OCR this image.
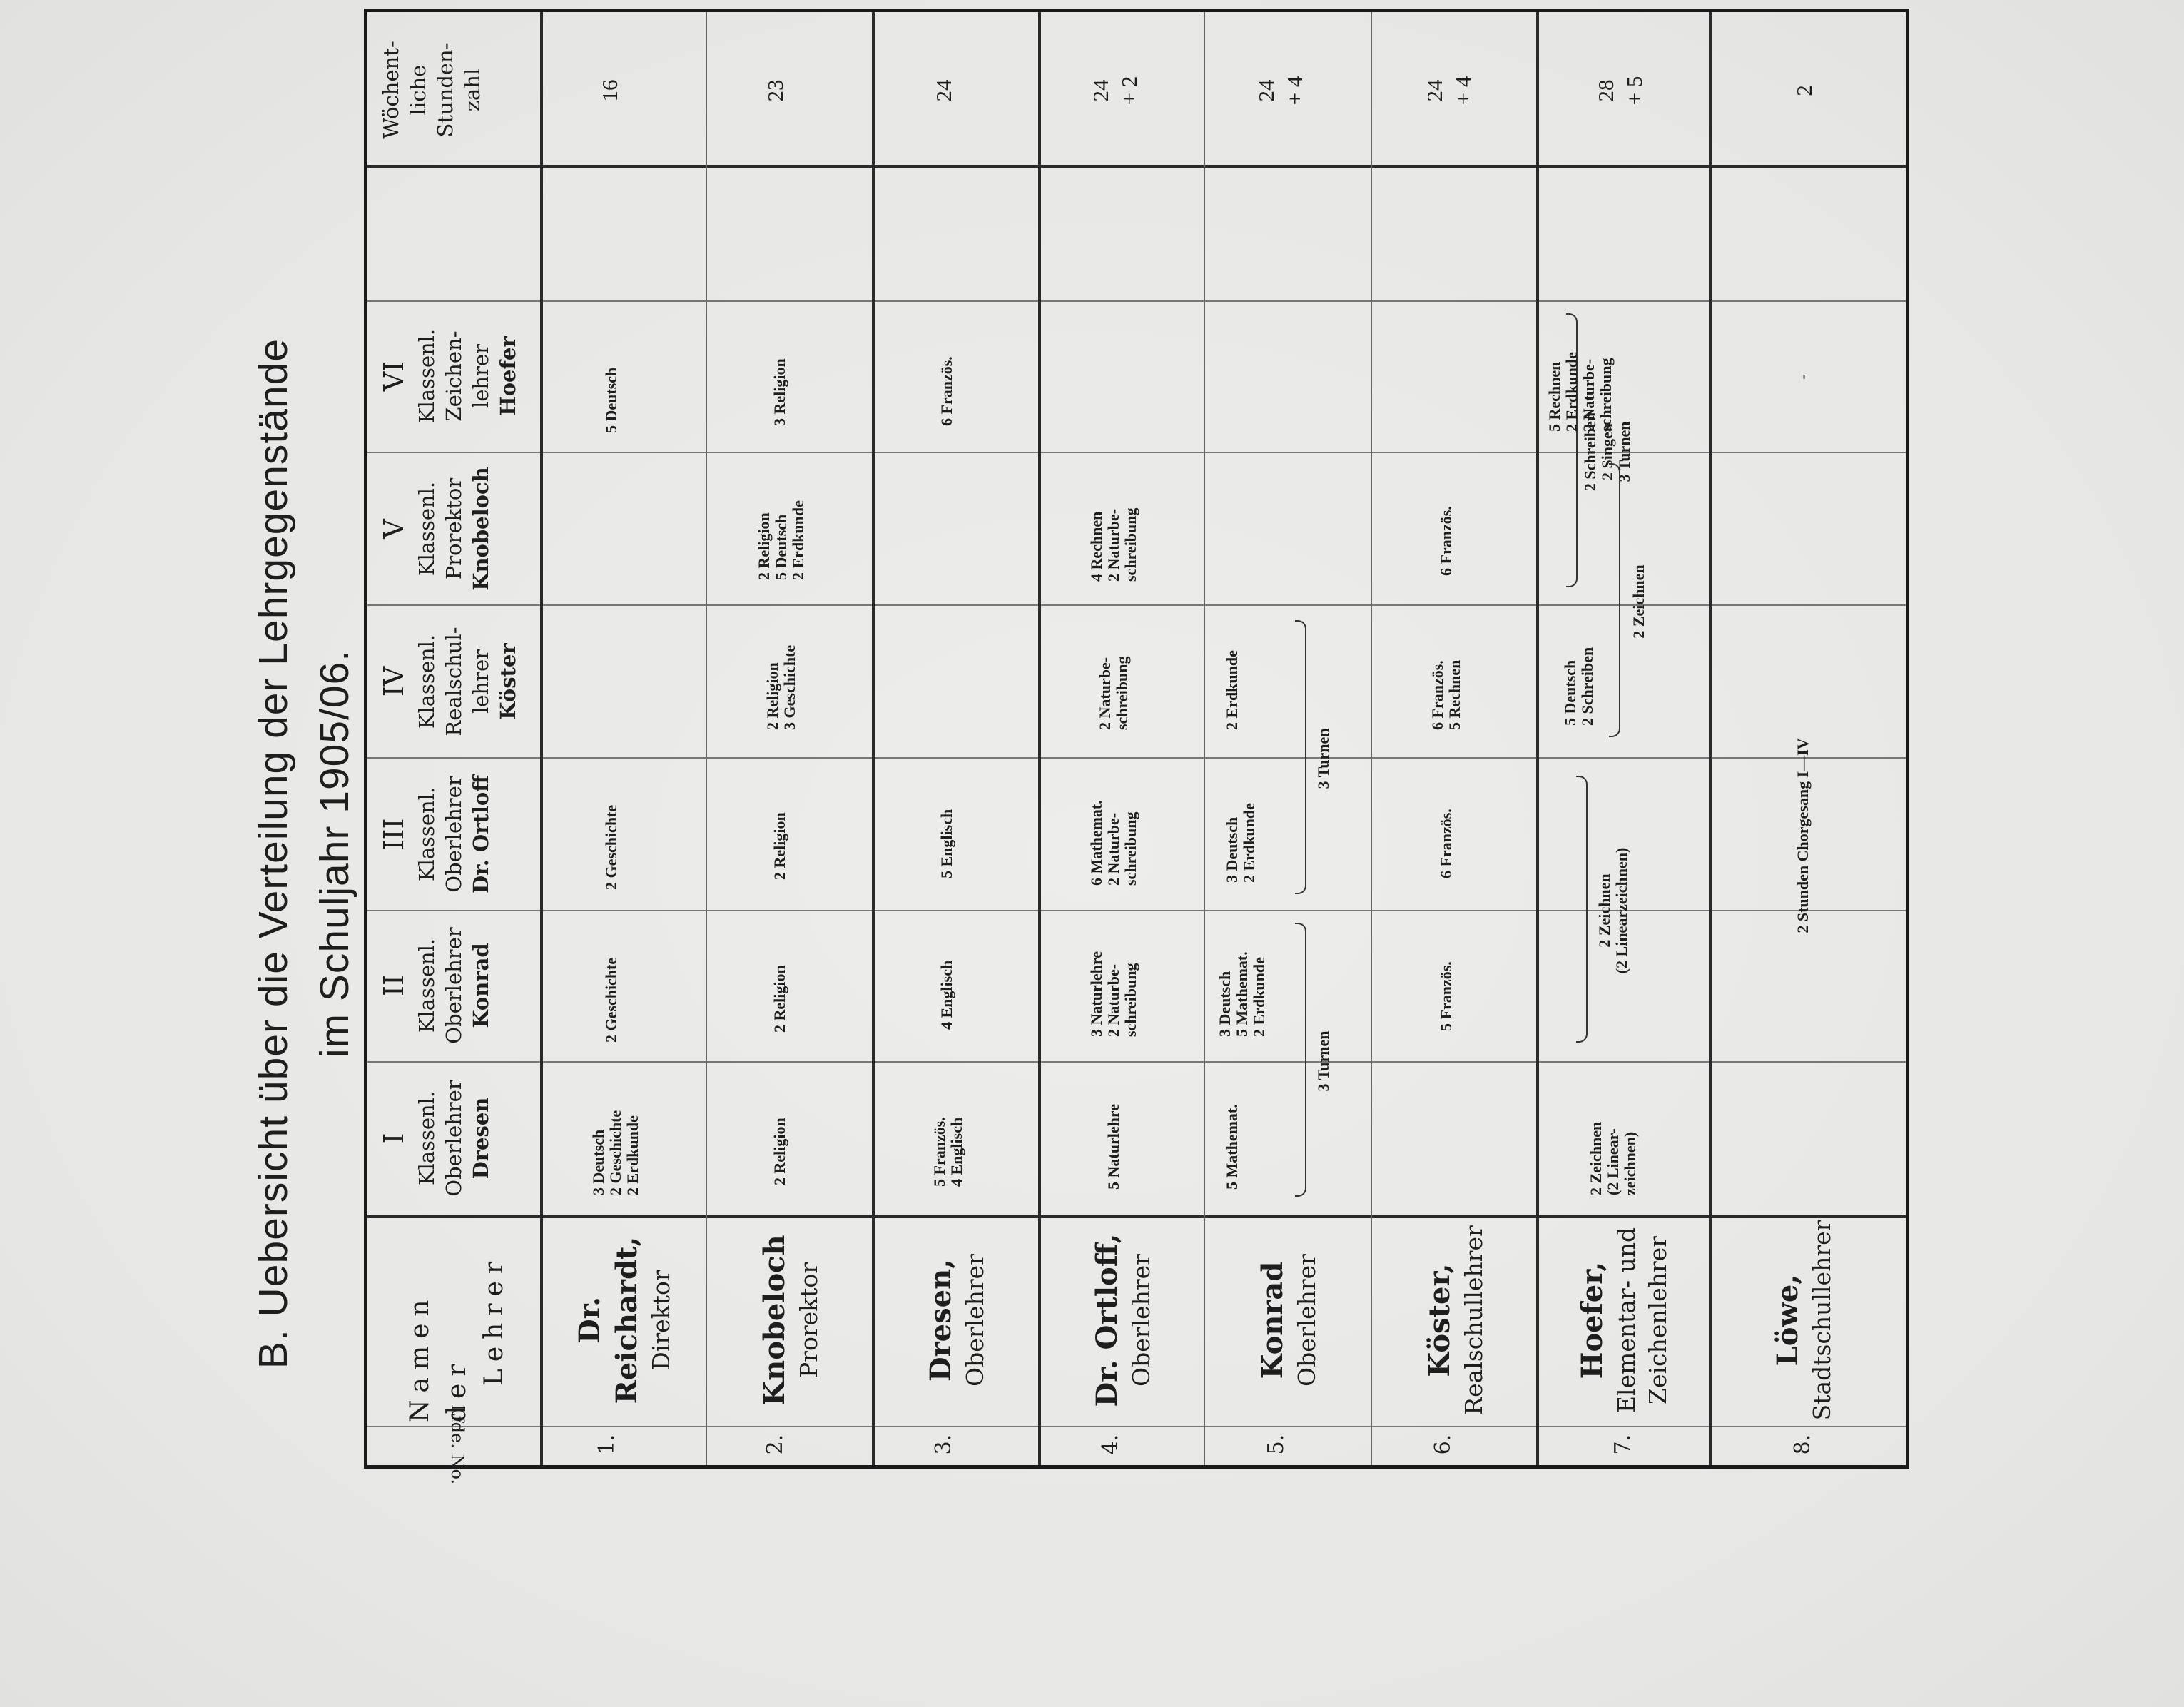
B. Uebersicht über die Verteilung der Lehrgegenstände im Schuljahr 1905/06.
Lfde. No.
Namen der
Lehrer
I Klassenl. Oberlehrer Dresen
II Klassenl. Oberlehrer Konrad
III Klassenl. Oberlehrer Dr. Ortloff
IV Klassenl. Realschul- lehrer Köster
V Klassenl. Prorektor Knobeloch
VI Klassenl. Zeichen- lehrer Hoefer
Wöchent- liche Stunden- zahl
1.
Dr. Reichardt, Direktor
3 Deutsch 2 Geschichte 2 Erdkunde
2 Geschichte
2 Geschichte
5 Deutsch
16
2.
Knobeloch Prorektor
2 Religion
2 Religion
2 Religion
2 Religion 3 Geschichte
2 Religion 5 Deutsch 2 Erdkunde
3 Religion
23
3.
Dresen, Oberlehrer
5 Französ. 4 Englisch
4 Englisch
5 Englisch
6 Französ.
24
4.
Dr. Ortloff, Oberlehrer
5 Naturlehre
3 Naturlehre 2 Naturbe- schreibung
6 Mathemat. 2 Naturbe- schreibung
2 Naturbe- schreibung
4 Rechnen 2 Naturbe- schreibung
24 + 2
5.
Konrad Oberlehrer
5 Mathemat.
3 Deutsch 5 Mathemat. 2 Erdkunde
3 Deutsch 2 Erdkunde
2 Erdkunde
3 Turnen
3 Turnen
24 + 4
6.
Köster, Realschullehrer
5 Französ.
6 Französ.
6 Französ. 5 Rechnen
6 Französ.
24 + 4
7.
Hoefer, Elementar- und Zeichenlehrer
2 Zeichnen (2 Linear- zeichnen)
2 Zeichnen (2 Linearzeichnen)
5 Deutsch 2 Schreiben
2 Zeichnen
2 Schreiben 2 Singen 3 Turnen
5 Rechnen 2 Erdkunde 2 Naturbe- schreibung
28 + 5
8.
Löwe, Stadtschullehrer
2 Stunden Chorgesang I—IV
-
2
